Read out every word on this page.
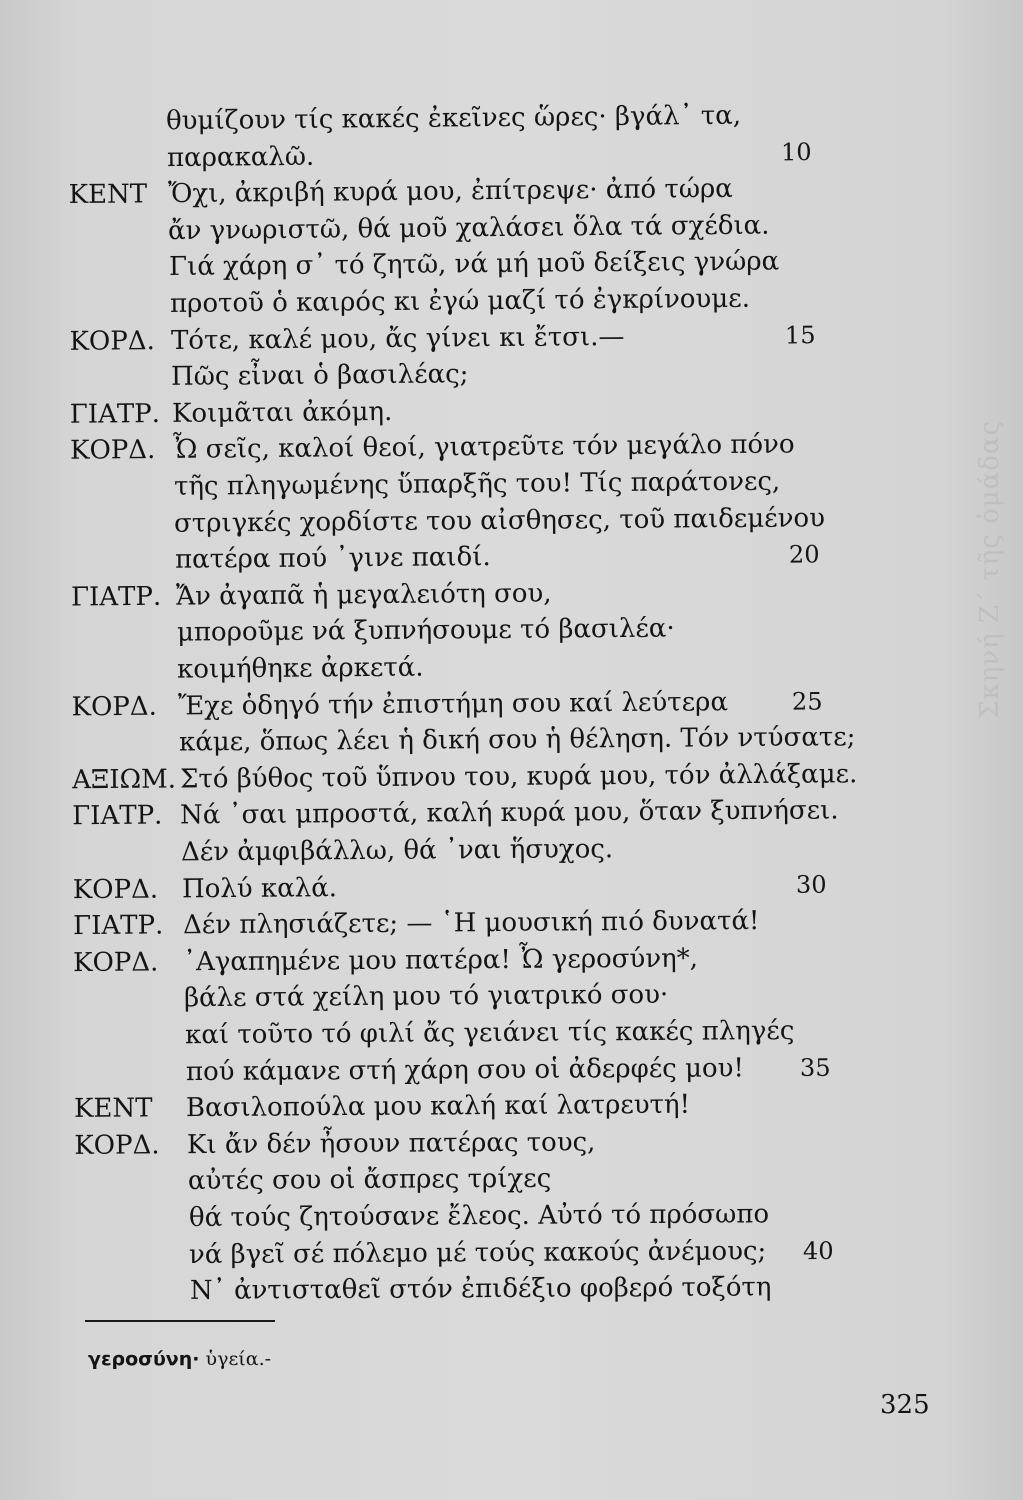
Σκηνή Ζ΄ τῆς ὁμάδας
θυμίζουν τίς κακές ἐκεῖνες ὥρες· βγάλ᾿ τα,
παρακαλῶ.	10
ΚΕΝΤ Ὄχι, ἀκριβή κυρά μου, ἐπίτρεψε· ἀπό τώρα
ἄν γνωριστῶ, θά μοῦ χαλάσει ὅλα τά σχέδια.
Γιά χάρη σ᾿ τό ζητῶ, νά μή μοῦ δείξεις γνώρα
προτοῦ ὁ καιρός κι ἐγώ μαζί τό ἐγκρίνουμε.
ΚΟΡΔ. Τότε, καλέ μου, ἄς γίνει κι ἔτσι.—	15
Πῶς εἶναι ὁ βασιλέας;
ΓΙΑΤΡ. Κοιμᾶται ἀκόμη.
ΚΟΡΔ. Ὦ σεῖς, καλοί θεοί, γιατρεῦτε τόν μεγάλο πόνο
τῆς πληγωμένης ὕπαρξῆς του! Τίς παράτονες,
στριγκές χορδίστε του αἰσθησες, τοῦ παιδεμένου
πατέρα πού ᾿γινε παιδί.	20
ΓΙΑΤΡ. Ἄν ἀγαπᾶ ἡ μεγαλειότη σου,
μποροῦμε νά ξυπνήσουμε τό βασιλέα·
κοιμήθηκε ἀρκετά.
ΚΟΡΔ. Ἔχε ὁδηγό τήν ἐπιστήμη σου καί λεύτερα	25
κάμε, ὅπως λέει ἡ δική σου ἡ θέληση. Τόν ντύσατε;
ΑΞΙΩΜ. Στό βύθος τοῦ ὕπνου του, κυρά μου, τόν ἀλλάξαμε.
ΓΙΑΤΡ. Νά ᾿σαι μπροστά, καλή κυρά μου, ὅταν ξυπνήσει.
Δέν ἀμφιβάλλω, θά ᾿ναι ἥσυχος.
ΚΟΡΔ. Πολύ καλά.	30
ΓΙΑΤΡ. Δέν πλησιάζετε; — ῾Η μουσική πιό δυνατά!
ΚΟΡΔ. ᾿Αγαπημένε μου πατέρα! Ὦ γεροσύνη*,
βάλε στά χείλη μου τό γιατρικό σου·
καί τοῦτο τό φιλί ἄς γειάνει τίς κακές πληγές
πού κάμανε στή χάρη σου οἱ ἀδερφές μου! 35
ΚΕΝΤ Βασιλοπούλα μου καλή καί λατρευτή!
ΚΟΡΔ. Κι ἄν δέν ἦσουν πατέρας τους,
αὐτές σου οἱ ἄσπρες τρίχες
θά τούς ζητούσανε ἔλεος. Αὐτό τό πρόσωπο
νά βγεῖ σέ πόλεμο μέ τούς κακούς ἀνέμους; 40
Ν᾿ ἀντισταθεῖ στόν ἐπιδέξιο φοβερό τοξότη
γεροσύνη· ὑγεία.-
325
